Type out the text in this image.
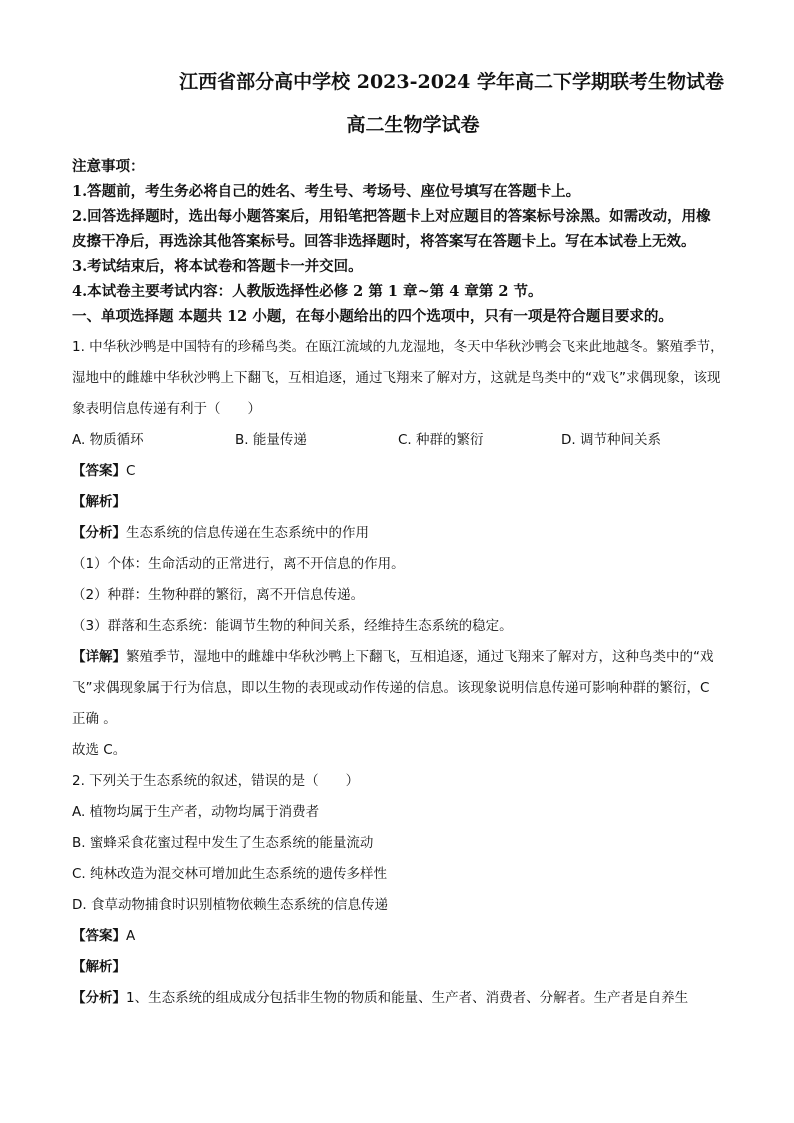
江西省部分高中学校 2023-2024 学年高二下学期联考生物试卷
高二生物学试卷

注意事项：

1.答题前，考生务必将自己的姓名、考生号、考场号、座位号填写在答题卡上。

2.回答选择题时，选出每小题答案后，用铅笔把答题卡上对应题目的答案标号涂黑。如需改动，用橡皮擦干净后，再选涂其他答案标号。回答非选择题时，将答案写在答题卡上。写在本试卷上无效。

3.考试结束后，将本试卷和答题卡一并交回。

4.本试卷主要考试内容：人教版选择性必修 2 第 1 章~第 4 章第 2 节。

一、单项选择题 本题共 12 小题，在每小题给出的四个选项中，只有一项是符合题目要求的。

1. 中华秋沙鸭是中国特有的珍稀鸟类。在瓯江流域的九龙湿地，冬天中华秋沙鸭会飞来此地越冬。繁殖季节，湿地中的雌雄中华秋沙鸭上下翻飞，互相追逐，通过飞翔来了解对方，这就是鸟类中的“戏飞”求偶现象，该现象表明信息传递有利于（　　）

A. 物质循环	B. 能量传递	C. 种群的繁衍	D. 调节种间关系

【答案】C

【解析】

【分析】生态系统的信息传递在生态系统中的作用

（1）个体：生命活动的正常进行，离不开信息的作用。

（2）种群：生物种群的繁衍，离不开信息传递。

（3）群落和生态系统：能调节生物的种间关系，经维持生态系统的稳定。

【详解】繁殖季节，湿地中的雌雄中华秋沙鸭上下翻飞，互相追逐，通过飞翔来了解对方，这种鸟类中的“戏飞”求偶现象属于行为信息，即以生物的表现或动作传递的信息。该现象说明信息传递可影响种群的繁衍，C 正确 。

故选 C。

2. 下列关于生态系统的叙述，错误的是（　　）

A. 植物均属于生产者，动物均属于消费者

B. 蜜蜂采食花蜜过程中发生了生态系统的能量流动

C. 纯林改造为混交林可增加此生态系统的遗传多样性

D. 食草动物捕食时识别植物依赖生态系统的信息传递

【答案】A

【解析】

【分析】1、生态系统的组成成分包括非生物的物质和能量、生产者、消费者、分解者。生产者是自养生
